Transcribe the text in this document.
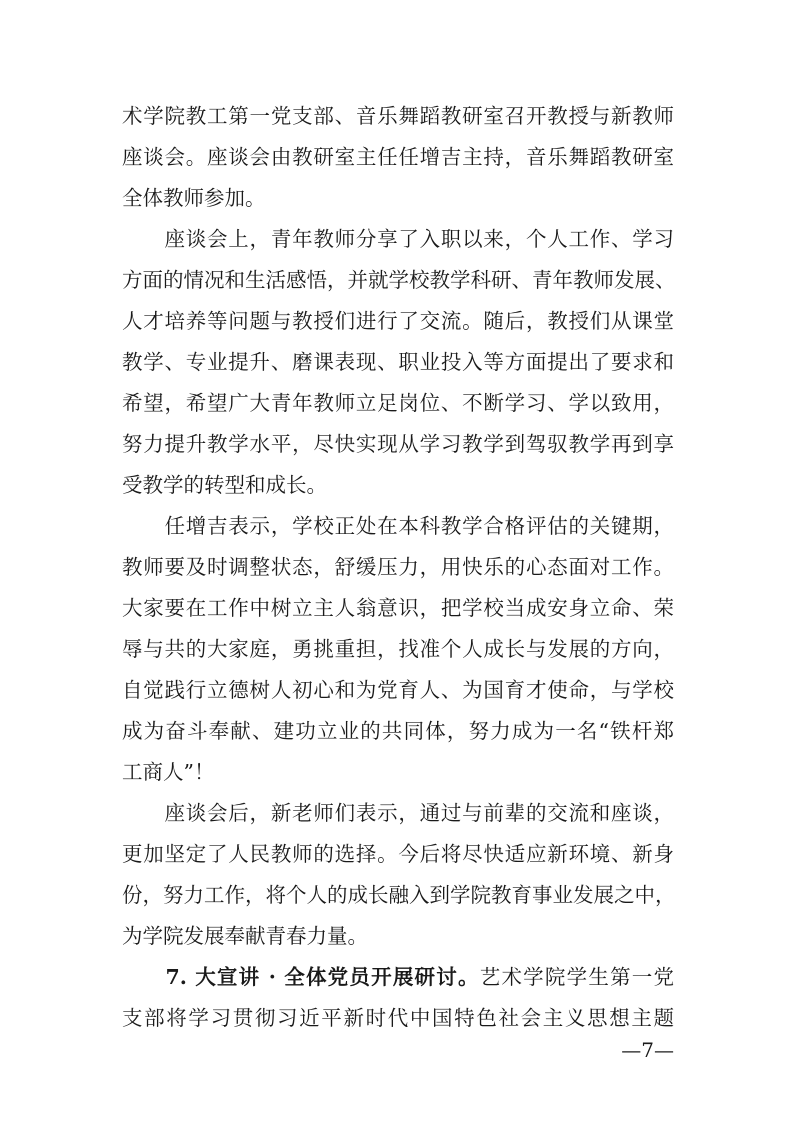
术学院教工第一党支部、音乐舞蹈教研室召开教授与新教师
座谈会。座谈会由教研室主任任增吉主持，音乐舞蹈教研室
全体教师参加。
　　座谈会上，青年教师分享了入职以来，个人工作、学习
方面的情况和生活感悟，并就学校教学科研、青年教师发展、
人才培养等问题与教授们进行了交流。随后，教授们从课堂
教学、专业提升、磨课表现、职业投入等方面提出了要求和
希望，希望广大青年教师立足岗位、不断学习、学以致用，
努力提升教学水平，尽快实现从学习教学到驾驭教学再到享
受教学的转型和成长。
　　任增吉表示，学校正处在本科教学合格评估的关键期，
教师要及时调整状态，舒缓压力，用快乐的心态面对工作。
大家要在工作中树立主人翁意识，把学校当成安身立命、荣
辱与共的大家庭，勇挑重担，找准个人成长与发展的方向，
自觉践行立德树人初心和为党育人、为国育才使命，与学校
成为奋斗奉献、建功立业的共同体，努力成为一名“铁杆郑
工商人”！
　　座谈会后，新老师们表示，通过与前辈的交流和座谈，
更加坚定了人民教师的选择。今后将尽快适应新环境、新身
份，努力工作，将个人的成长融入到学院教育事业发展之中，
为学院发展奉献青春力量。
　　7. 大宣讲 · 全体党员开展研讨。艺术学院学生第一党
支部将学习贯彻习近平新时代中国特色社会主义思想主题
—7—
